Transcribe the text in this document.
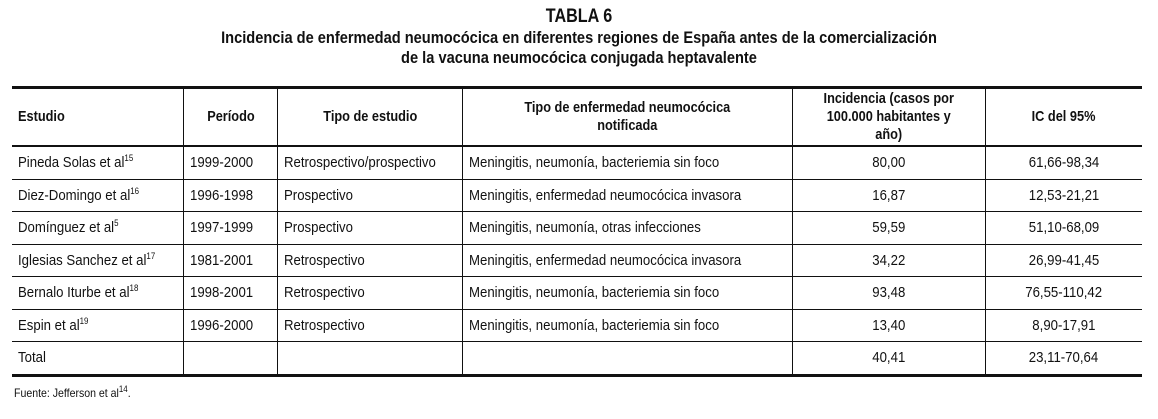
TABLA 6
Incidencia de enfermedad neumocócica en diferentes regiones de España antes de la comercialización
de la vacuna neumocócica conjugada heptavalente
Estudio	Período	Tipo de estudio	Tipo de enfermedad neumocócica notificada	Incidencia (casos por
100.000 habitantes y año)	IC del 95%
Pineda Solas et $al^{15}$	1999-2000	Retrospectivo/prospectivo	Meningitis, neumonía, bacteriemia sin foco	80,00	61,66-98,34
Diez-Domingo et $al^{16}$	1996-1998	Prospectivo	Meningitis, enfermedad neumocócica invasora	16,87	12,53-21,21
Domínguez et $al^5$	1997-1999	Prospectivo	Meningitis, neumonía, otras infecciones	59,59	51,10-68,09
Iglesias Sanchez et $al^{17}$	1981-2001	Retrospectivo	Meningitis, enfermedad neumocócica invasora	34,22	26,99-41,45
Bernalo Iturbe et $al^{18}$	1998-2001	Retrospectivo	Meningitis, neumonía, bacteriemia sin foco	93,48	76,55-110,42
Espin et $al^{19}$	1996-2000	Retrospectivo	Meningitis, neumonía, bacteriemia sin foco	13,40	8,90-17,91
Total				40,41	23,11-70,64
Fuente: Jefferson et $al^{14}$.
